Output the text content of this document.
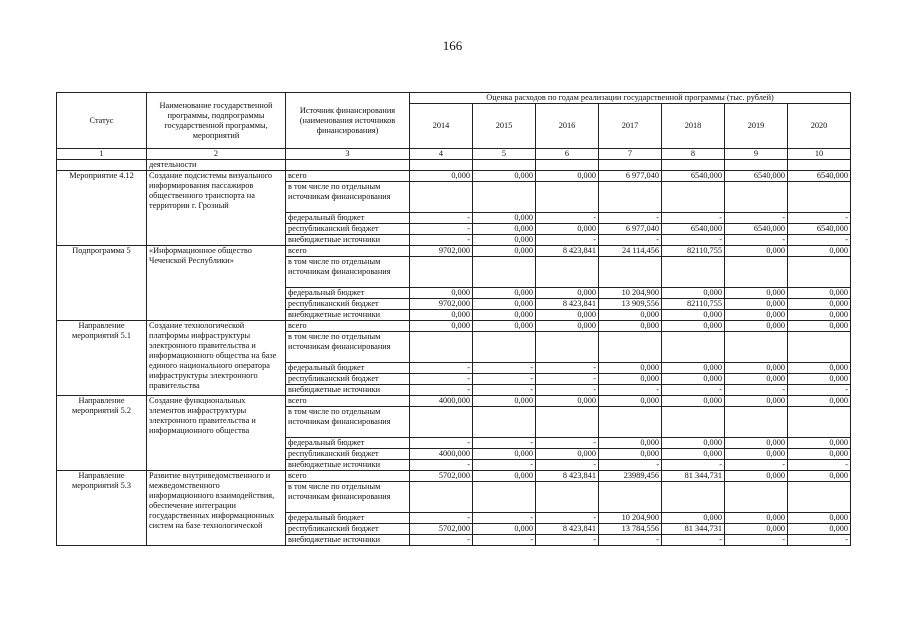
166
Статус	Наименование государственной программы, подпрограммы государственной программы, мероприятий	Источник финансирования (наименования источников финансирования)	Оценка расходов по годам реализации государственной программы (тыс. рублей)						
			2014	2015	2016	2017	2018	2019	2020
1	2	3	4	5	6	7	8	9	10
	деятельности								
Мероприятие 4.12	Создание подсистемы визуального информирования пассажиров общественного транспорта на территории г. Грозный	всего	0,000	0,000	0,000	6 977,040	6540,000	6540,000	6540,000
		в том числе по отдельным источникам финансирования							
		федеральный бюджет	-	0,000	-	-	-	-	-
		республиканский бюджет	-	0,000	0,000	6 977,040	6540,000	6540,000	6540,000
		внебюджетные источники	-	0,000	-	-	-	-	-
Подпрограмма 5	«Информационное общество Чеченской Республики»	всего	9702,000	0,000	8 423,841	24 114,456	82110,755	0,000	0,000
		в том числе по отдельным источникам финансирования							
		федеральный бюджет	0,000	0,000	0,000	10 204,900	0,000	0,000	0,000
		республиканский бюджет	9702,000	0,000	8 423,841	13 909,556	82110,755	0,000	0,000
		внебюджетные источники	0,000	0,000	0,000	0,000	0,000	0,000	0,000
Направление мероприятий 5.1	Создание технологической платформы инфраструктуры электронного правительства и информационного общества на базе единого национального оператора инфраструктуры электронного правительства	всего	0,000	0,000	0,000	0,000	0,000	0,000	0,000
		в том числе по отдельным источникам финансирования							
		федеральный бюджет	-	-	-	0,000	0,000	0,000	0,000
		республиканский бюджет	-	-	-	0,000	0,000	0,000	0,000
		внебюджетные источники	-	-	-	-	-	-	-
Направление мероприятий 5.2	Создание функциональных элементов инфраструктуры электронного правительства и информационного общества	всего	4000,000	0,000	0,000	0,000	0,000	0,000	0,000
		в том числе по отдельным источникам финансирования							
		федеральный бюджет	-	-	-	0,000	0,000	0,000	0,000
		республиканский бюджет	4000,000	0,000	0,000	0,000	0,000	0,000	0,000
		внебюджетные источники	-	-	-	-	-	-	-
Направление мероприятий 5.3	Развитие внутриведомственного и межведомственного информационного взаимодействия, обеспечение интеграции государственных информационных систем на базе технологической	всего	5702,000	0,000	8 423,841	23989,456	81 344,731	0,000	0,000
		в том числе по отдельным источникам финансирования							
		федеральный бюджет	-	-	-	10 204,900	0,000	0,000	0,000
		республиканский бюджет	5702,000	0,000	8 423,841	13 784,556	81 344,731	0,000	0,000
		внебюджетные источники	-	-	-	-	-	-	-
